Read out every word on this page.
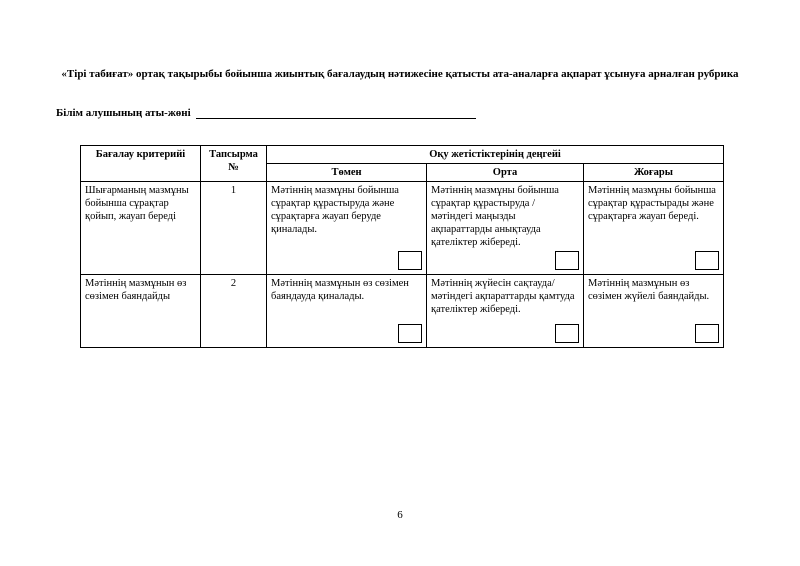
«Тірі табиғат» ортақ тақырыбы бойынша жиынтық бағалаудың нәтижесіне қатысты ата-аналарға ақпарат ұсынуға арналған рубрика
Білім алушының аты-жөні
Бағалау критерийі	Тапсырма №	Оқу жетістіктерінің деңгейі		
		Төмен	Орта	Жоғары
Шығарманың мазмұны бойынша сұрақтар қойып, жауап береді	1	Мәтіннің мазмұны бойынша сұрақтар құрастыруда және сұрақтарға жауап беруде қиналады.	Мәтіннің мазмұны бойынша сұрақтар құрастыруда / мәтіндегі маңызды ақпараттарды анықтауда қателіктер жібереді.	Мәтіннің мазмұны бойынша сұрақтар құрастырады және сұрақтарға жауап береді.

Мәтіннің мазмұнын өз сөзімен баяндайды	2	Мәтіннің мазмұнын өз сөзімен баяндауда қиналады.	Мәтіннің жүйесін сақтауда/ мәтіндегі ақпараттарды қамтуда қателіктер жібереді.	Мәтіннің мазмұнын өз сөзімен жүйелі баяндайды.
6
